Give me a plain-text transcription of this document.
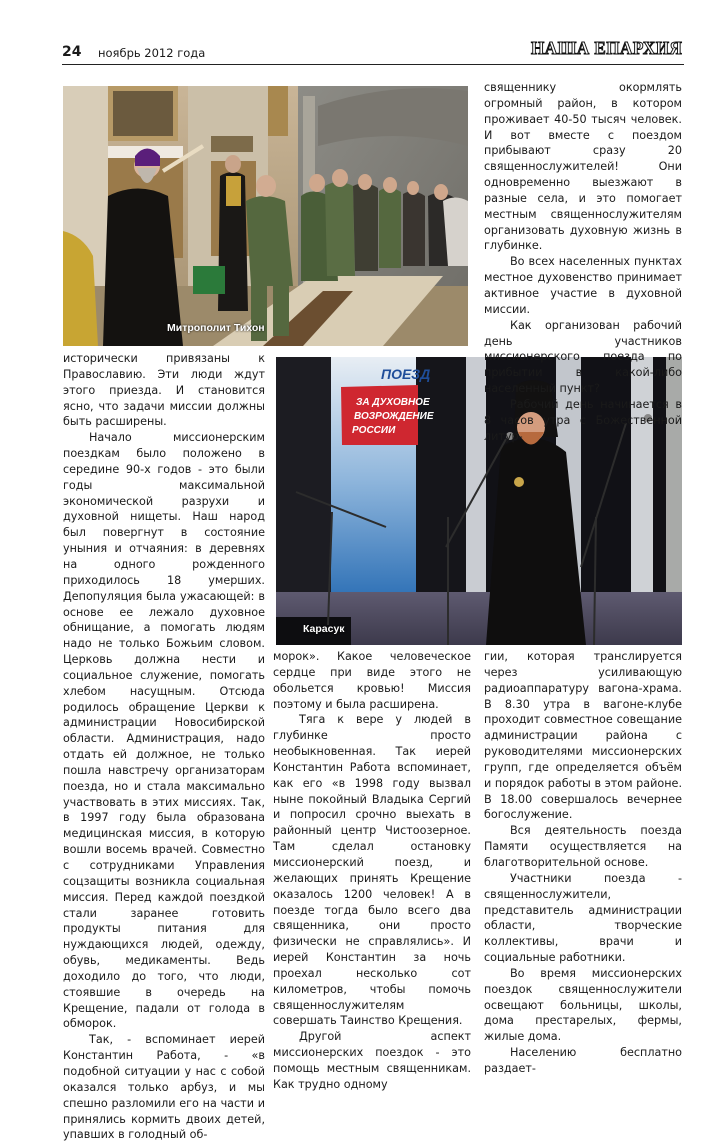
24 ноябрь 2012 года	НАША ЕПАРХИЯ
Митрополит Тихон
ПОЕЗД
ЗА ДУХОВНОЕ
ВОЗРОЖДЕНИЕ
РОССИИ
Карасук

священнику окормлять огромный район, в котором проживает 40-50 тысяч человек. И вот вместе с поездом прибывают сразу 20 священнослужителей! Они одновременно выезжают в разные села, и это помогает местным священнослужителям организовать духовную жизнь в глубинке.

Во всех населенных пунктах местное духовенство принимает активное участие в духовной миссии.

Как организован рабочий день участников миссионерского поезда по прибытии в какой-либо населенный пункт?

Рабочий день начинается в 8 часов утра с Божественной литур-

исторически привязаны к Православию. Эти люди ждут этого приезда. И становится ясно, что задачи миссии должны быть расширены.

Начало миссионерским поездкам было положено в середине 90-х годов - это были годы максимальной экономической разрухи и духовной нищеты. Наш народ был повергнут в состояние уныния и отчаяния: в деревнях на одного рожденного приходилось 18 умерших. Депопуляция была ужасающей: в основе ее лежало духовное обнищание, а помогать людям надо не только Божьим словом. Церковь должна нести и социальное служение, помогать хлебом насущным. Отсюда родилось обращение Церкви к администрации Новосибирской области. Администрация, надо отдать ей должное, не только пошла навстречу организаторам поезда, но и стала максимально участвовать в этих миссиях. Так, в 1997 году была образована медицинская миссия, в которую вошли восемь врачей. Совместно с сотрудниками Управления соцзащиты возникла социальная миссия. Перед каждой поездкой стали заранее готовить продукты питания для нуждающихся людей, одежду, обувь, медикаменты. Ведь доходило до того, что люди, стоявшие в очередь на Крещение, падали от голода в обморок.

Так, - вспоминает иерей Константин Работа, - «в подобной ситуации у нас с собой оказался только арбуз, и мы спешно разломили его на части и принялись кормить двоих детей, упавших в голодный об-

морок». Какое человеческое сердце при виде этого не обольется кровью! Миссия поэтому и была расширена.

Тяга к вере у людей в глубинке просто необыкновенная. Так иерей Константин Работа вспоминает, как его «в 1998 году вызвал ныне покойный Владыка Сергий и попросил срочно выехать в районный центр Чистоозерное. Там сделал остановку миссионерский поезд, и желающих принять Крещение оказалось 1200 человек! А в поезде тогда было всего два священника, они просто физически не справлялись». И иерей Константин за ночь проехал несколько сот километров, чтобы помочь священнослужителям совершать Таинство Крещения.

Другой аспект миссионерских поездок - это помощь местным священникам. Как трудно одному

гии, которая транслируется через усиливающую радиоаппаратуру вагона-храма. В 8.30 утра в вагоне-клубе проходит совместное совещание администрации района с руководителями миссионерских групп, где определяется объём и порядок работы в этом районе. В 18.00 совершалось вечернее богослужение.

Вся деятельность поезда Памяти осуществляется на благотворительной основе.

Участники поезда - священнослужители, представитель администрации области, творческие коллективы, врачи и социальные работники.

Во время миссионерских поездок священнослужители освещают больницы, школы, дома престарелых, фермы, жилые дома.

Населению бесплатно раздает-
